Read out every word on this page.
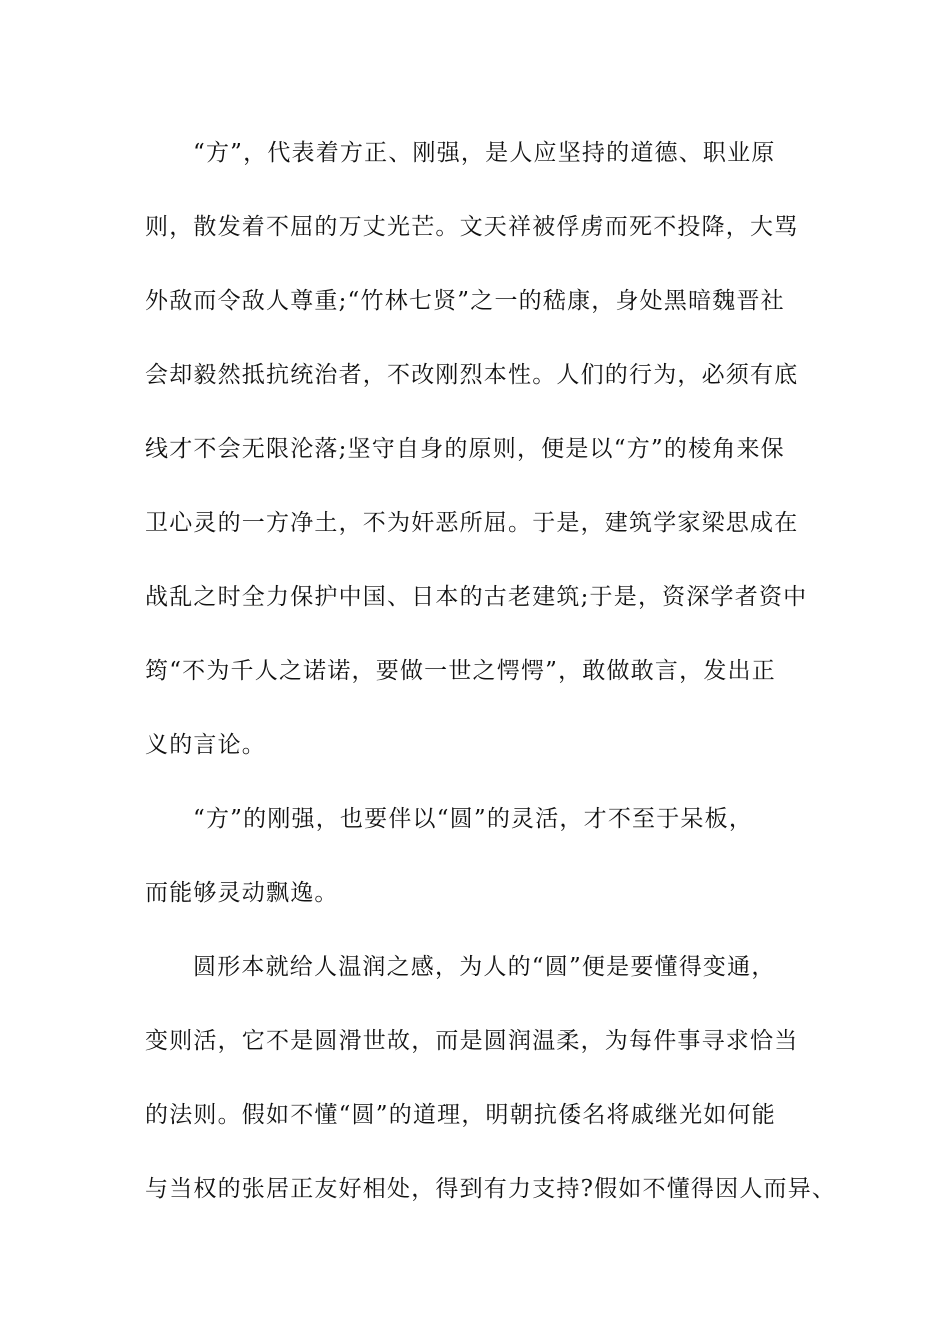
“方”，代表着方正、刚强，是人应坚持的道德、职业原
则，散发着不屈的万丈光芒。文天祥被俘虏而死不投降，大骂
外敌而令敌人尊重;“竹林七贤”之一的嵇康，身处黑暗魏晋社
会却毅然抵抗统治者，不改刚烈本性。人们的行为，必须有底
线才不会无限沦落;坚守自身的原则，便是以“方”的棱角来保
卫心灵的一方净土，不为奸恶所屈。于是，建筑学家梁思成在
战乱之时全力保护中国、日本的古老建筑;于是，资深学者资中
筠“不为千人之诺诺，要做一世之愕愕”，敢做敢言，发出正
义的言论。
“方”的刚强，也要伴以“圆”的灵活，才不至于呆板，
而能够灵动飘逸。
圆形本就给人温润之感，为人的“圆”便是要懂得变通，
变则活，它不是圆滑世故，而是圆润温柔，为每件事寻求恰当
的法则。假如不懂“圆”的道理，明朝抗倭名将戚继光如何能
与当权的张居正友好相处，得到有力支持?假如不懂得因人而异、
